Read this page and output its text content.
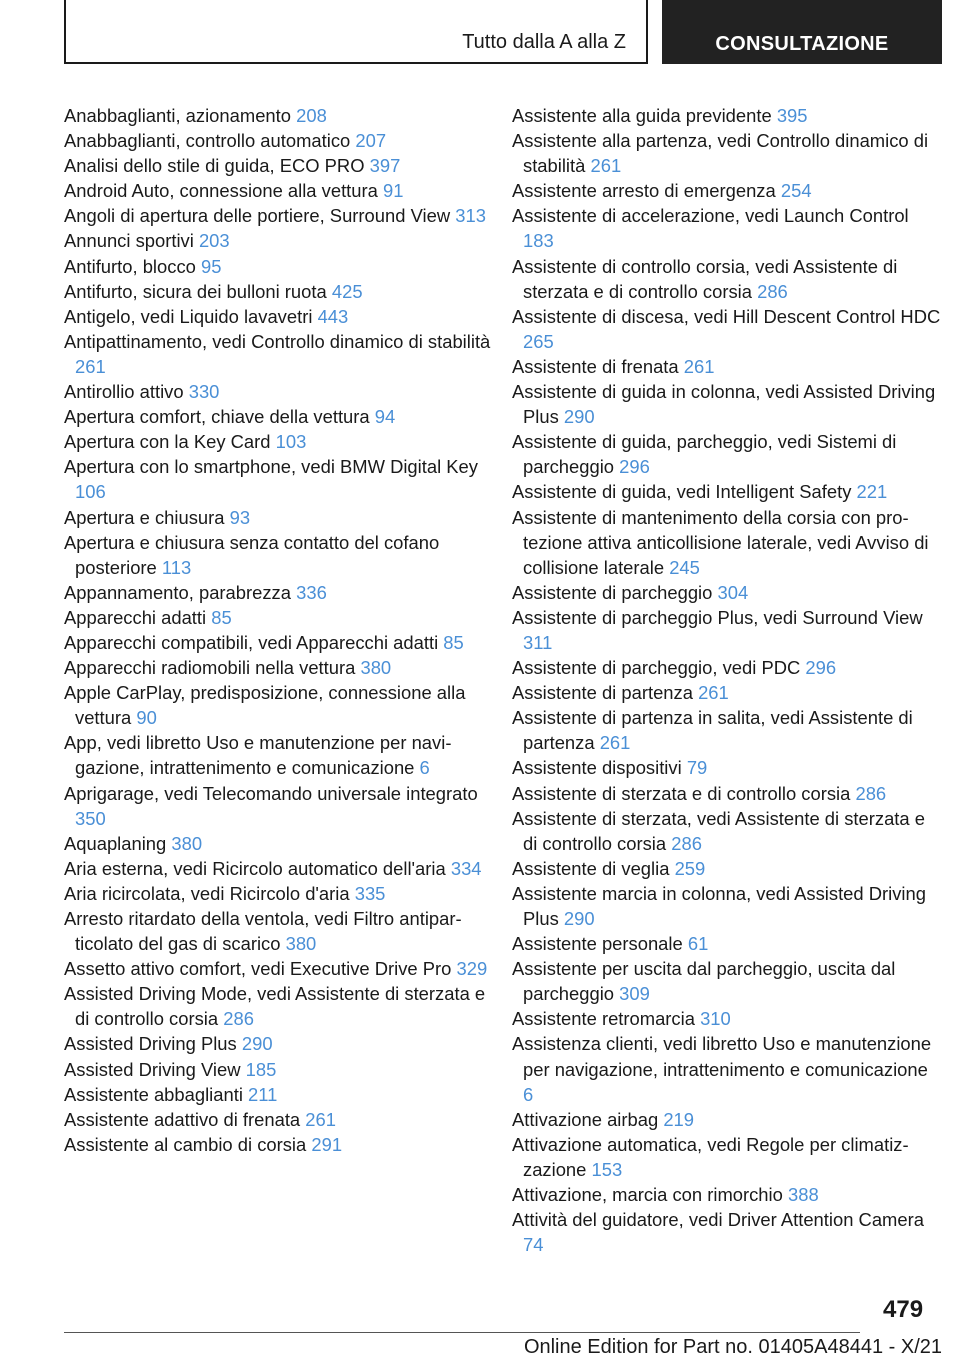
Tutto dalla A alla Z	CONSULTAZIONE

Anabbaglianti, azionamento 208

Anabbaglianti, controllo automatico 207

Analisi dello stile di guida, ECO PRO 397

Android Auto, connessione alla vettura 91

Angoli di apertura delle portiere, Surround View 313

Annunci sportivi 203

Antifurto, blocco 95

Antifurto, sicura dei bulloni ruota 425

Antigelo, vedi Liquido lavavetri 443

Antipattinamento, vedi Controllo dinamico di stabilità 261

Antirollio attivo 330

Apertura comfort, chiave della vettura 94

Apertura con la Key Card 103

Apertura con lo smartphone, vedi BMW Digital Key 106

Apertura e chiusura 93

Apertura e chiusura senza contatto del cofano posteriore 113

Appannamento, parabrezza 336

Apparecchi adatti 85

Apparecchi compatibili, vedi Apparecchi adatti 85

Apparecchi radiomobili nella vettura 380

Apple CarPlay, predisposizione, connessione alla vettura 90

App, vedi libretto Uso e manutenzione per navigazione, intrattenimento e comunicazione 6

Aprigarage, vedi Telecomando universale integrato 350

Aquaplaning 380

Aria esterna, vedi Ricircolo automatico dell'aria 334

Aria ricircolata, vedi Ricircolo d'aria 335

Arresto ritardato della ventola, vedi Filtro antiparticolato del gas di scarico 380

Assetto attivo comfort, vedi Executive Drive Pro 329

Assisted Driving Mode, vedi Assistente di sterzata e di controllo corsia 286

Assisted Driving Plus 290

Assisted Driving View 185

Assistente abbaglianti 211

Assistente adattivo di frenata 261

Assistente al cambio di corsia 291

Assistente alla guida previdente 395

Assistente alla partenza, vedi Controllo dinamico di stabilità 261

Assistente arresto di emergenza 254

Assistente di accelerazione, vedi Launch Control 183

Assistente di controllo corsia, vedi Assistente di sterzata e di controllo corsia 286

Assistente di discesa, vedi Hill Descent Control HDC 265

Assistente di frenata 261

Assistente di guida in colonna, vedi Assisted Driving Plus 290

Assistente di guida, parcheggio, vedi Sistemi di parcheggio 296

Assistente di guida, vedi Intelligent Safety 221

Assistente di mantenimento della corsia con protezione attiva anticollisione laterale, vedi Avviso di collisione laterale 245

Assistente di parcheggio 304

Assistente di parcheggio Plus, vedi Surround View 311

Assistente di parcheggio, vedi PDC 296

Assistente di partenza 261

Assistente di partenza in salita, vedi Assistente di partenza 261

Assistente dispositivi 79

Assistente di sterzata e di controllo corsia 286

Assistente di sterzata, vedi Assistente di sterzata e di controllo corsia 286

Assistente di veglia 259

Assistente marcia in colonna, vedi Assisted Driving Plus 290

Assistente personale 61

Assistente per uscita dal parcheggio, uscita dal parcheggio 309

Assistente retromarcia 310

Assistenza clienti, vedi libretto Uso e manutenzione per navigazione, intrattenimento e comunicazione 6

Attivazione airbag 219

Attivazione automatica, vedi Regole per climatizzazione 153

Attivazione, marcia con rimorchio 388

Attività del guidatore, vedi Driver Attention Camera 74

479
Online Edition for Part no. 01405A48441 - X/21
